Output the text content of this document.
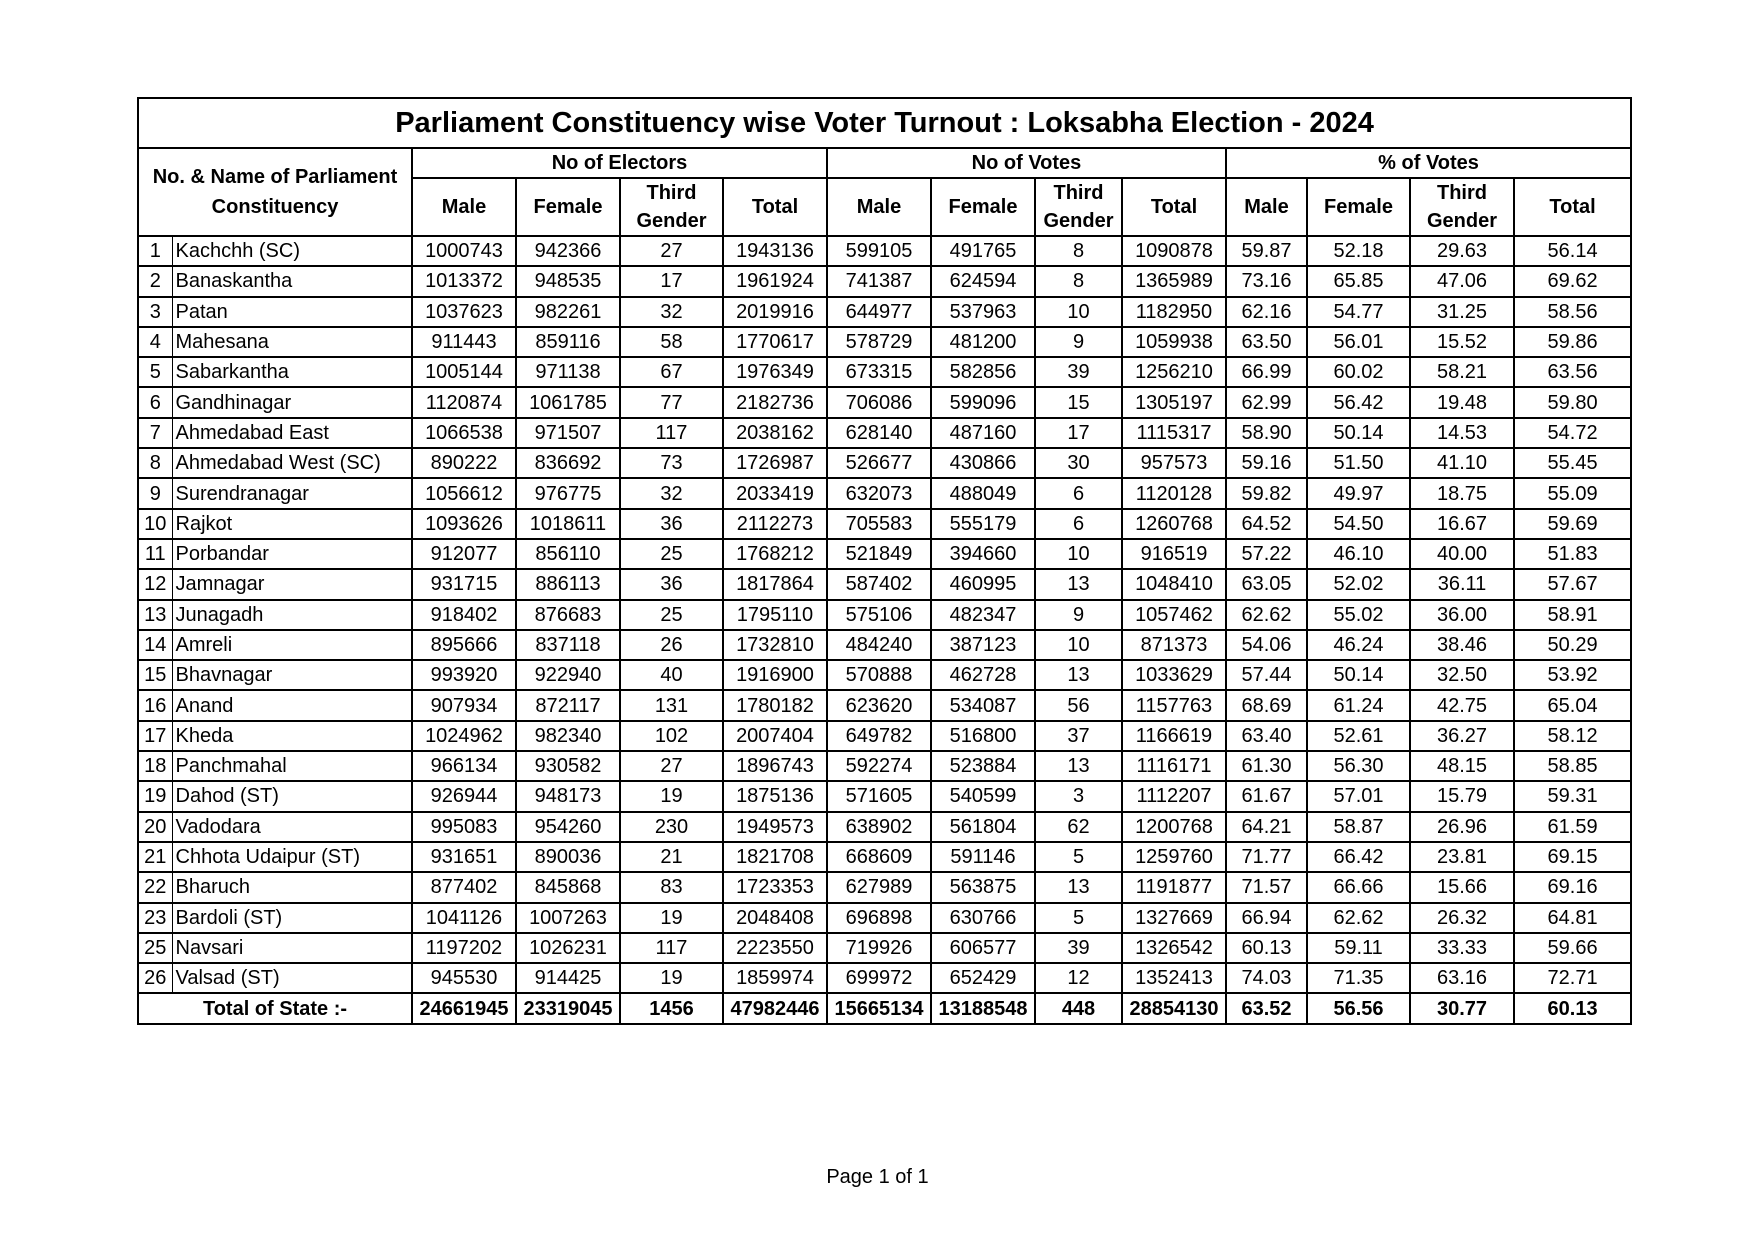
Parliament Constituency wise Voter Turnout : Loksabha Election - 2024													
No. & Name of Parliament Constituency		No of Electors				No of Votes				% of Votes			
		Male	Female	Third Gender	Total	Male	Female	Third Gender	Total	Male	Female	Third Gender	Total
1	Kachchh (SC)	1000743	942366	27	1943136	599105	491765	8	1090878	59.87	52.18	29.63	56.14
2	Banaskantha	1013372	948535	17	1961924	741387	624594	8	1365989	73.16	65.85	47.06	69.62
3	Patan	1037623	982261	32	2019916	644977	537963	10	1182950	62.16	54.77	31.25	58.56
4	Mahesana	911443	859116	58	1770617	578729	481200	9	1059938	63.50	56.01	15.52	59.86
5	Sabarkantha	1005144	971138	67	1976349	673315	582856	39	1256210	66.99	60.02	58.21	63.56
6	Gandhinagar	1120874	1061785	77	2182736	706086	599096	15	1305197	62.99	56.42	19.48	59.80
7	Ahmedabad East	1066538	971507	117	2038162	628140	487160	17	1115317	58.90	50.14	14.53	54.72
8	Ahmedabad West (SC)	890222	836692	73	1726987	526677	430866	30	957573	59.16	51.50	41.10	55.45
9	Surendranagar	1056612	976775	32	2033419	632073	488049	6	1120128	59.82	49.97	18.75	55.09
10	Rajkot	1093626	1018611	36	2112273	705583	555179	6	1260768	64.52	54.50	16.67	59.69
11	Porbandar	912077	856110	25	1768212	521849	394660	10	916519	57.22	46.10	40.00	51.83
12	Jamnagar	931715	886113	36	1817864	587402	460995	13	1048410	63.05	52.02	36.11	57.67
13	Junagadh	918402	876683	25	1795110	575106	482347	9	1057462	62.62	55.02	36.00	58.91
14	Amreli	895666	837118	26	1732810	484240	387123	10	871373	54.06	46.24	38.46	50.29
15	Bhavnagar	993920	922940	40	1916900	570888	462728	13	1033629	57.44	50.14	32.50	53.92
16	Anand	907934	872117	131	1780182	623620	534087	56	1157763	68.69	61.24	42.75	65.04
17	Kheda	1024962	982340	102	2007404	649782	516800	37	1166619	63.40	52.61	36.27	58.12
18	Panchmahal	966134	930582	27	1896743	592274	523884	13	1116171	61.30	56.30	48.15	58.85
19	Dahod (ST)	926944	948173	19	1875136	571605	540599	3	1112207	61.67	57.01	15.79	59.31
20	Vadodara	995083	954260	230	1949573	638902	561804	62	1200768	64.21	58.87	26.96	61.59
21	Chhota Udaipur (ST)	931651	890036	21	1821708	668609	591146	5	1259760	71.77	66.42	23.81	69.15
22	Bharuch	877402	845868	83	1723353	627989	563875	13	1191877	71.57	66.66	15.66	69.16
23	Bardoli (ST)	1041126	1007263	19	2048408	696898	630766	5	1327669	66.94	62.62	26.32	64.81
25	Navsari	1197202	1026231	117	2223550	719926	606577	39	1326542	60.13	59.11	33.33	59.66
26	Valsad (ST)	945530	914425	19	1859974	699972	652429	12	1352413	74.03	71.35	63.16	72.71
Total of State :-		24661945	23319045	1456	47982446	15665134	13188548	448	28854130	63.52	56.56	30.77	60.13
Page 1 of 1
